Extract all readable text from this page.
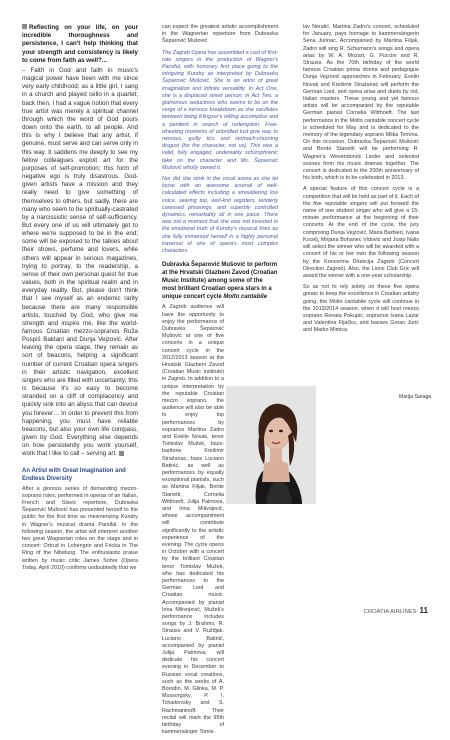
Reflecting on your life, on your incredible thoroughness and persistence, I can't help thinking that your strength and consistency is likely to come from faith as well?...

– Faith in God and faith in music's magical power have been with me since very early childhood; as a little girl, I sang in a church and played cello in a quartet; back then, I had a vague notion that every true artist was merely a spiritual channel through which the word of God pours down onto the earth, to all people. And this is why I believe that any artist, if genuine, must serve and can serve only in this way. It saddens me deeply to see my fellow colleagues exploit art for the purposes of self-promotion; this form of negative ego is truly disastrous. God-given artists have a mission and they really need to give something of themselves to others, but sadly, there are many who seem to be spiritually-castrated by a narcissistic sense of self-sufficiency. But every one of us will ultimately get to where we're supposed to be in the end; some will be exposed to the talkies about their shows, perfume and lovers, while others will appear in serious magazines, trying to portray, to the readership, a sense of their own personal quest for true values, both in the spiritual realm and in everyday reality. But, please don't think that I see myself as an endemic rarity because there are many responsible artists, touched by God, who give me strength and inspire me, like the world-famous Croatian mezzo-sopranos Ruža Pospiš Baldani and Dunja Vejzović. After leaving the opera stage, they remain as sort of beacons, helping a significant number of current Croatian opera singers in their artistic navigation, excellent singers who are filled with uncertainty; this is because it's so easy to become stranded on a cliff of complacency and quickly sink into an abyss that can devour you forever… In order to prevent this from happening, you must have reliable beacons, but also your own life compass, given by God. Everything else depends on how persistently you work yourself, work that I like to call – serving art.

An Artist with Great Imagination and Endless Diversity

After a glorious series of demanding mezzo-soprano roles, performed in operas of an Italian, French and Slavic repertoire, Dubravka Šeparović Mušović has presented herself to the public for the first time as mesmerizing Kundry in Wagner's musical drama Parsifal. In the following season, the artist will interpret another two great Wagnerian roles on the stage and in concert: Ortrud in Lohengrin and Fricka in The Ring of the Nibelung. The enthusiastic praise written by music critic James Sohre (Opera Today, April 2010) confirms undoubtedly that we

can expect the greatest artistic accomplishment in the Wagnerian repertoire from Dubravka Šeparović Mušović.

The Zagreb Opera has assembled a cast of first-rate singers in the production of Wagner's Parsifal, with honorary first place going to the intriguing Kundry as interpreted by Dubravka Šeparović Mušović. She is an artist of great imagination and infinite versatility. In Act One, she is a displaced street person; in Act Two, a glamorous seductress who seems to be on the verge of a nervous breakdown as she vacillates between being Klingsor's willing accomplice and a penitent in search of redemption. Free-wheeling moments of unbridled lust give way to nervous, guilty tics and stomach-churning disgust (for the character, not us). This was a valid, fully engaged, undeniably schizophrenic take on the character and Ms. Šeparović Mušović wholly owned it.

Nor did she stink in the vocal arena as she let loose with an awesome arsenal of well-calculated effects including a smouldering low voice, searing top, well-knit registers, tenderly caressed phrasings, and superbly controlled dynamics, remarkably all in one piece. There was not a moment that she was not invested in the emotional truth of Kundry's musical lines as she fully immersed herself in a highly personal traversal of one of opera's most complex characters.

Dubravka Šeparović Mušović to perform at the Hrvatski Glazbeni Zavod (Croatian Music Institute) among some of the most brilliant Croatian opera stars in a unique concert cycle Molto cantabile

A Zagreb audience will have the opportunity to enjoy the performance of Dubravka Šeparović Mušović at one of five concerts in a unique concert cycle in the 2012/2013 season at the Hrvatski Glazbeni Zavod (Croatian Music Institute) in Zagreb. In addition to a unique interpretation by the reputable Croatian mezzo soprano, the audience will also be able to enjoy top performances by sopranos Martina Zadro and Evelin Novak, tenor Tomislav Mužek, bass-baritone Krešimir Stražanac, bass Luciano Batinić, as well as performances by equally exceptional pianists, such as Martina Filjak, Borde Stanetti, Cornelia Witthoeft, Julija Palmova, and Irina Milivojević, whose accompaniment will contribute significantly to the artistic experience of the evening. The cycle opens in October with a concert by the brilliant Croatian tenor Tomislav Mužek, who has dedicated his performances to the German Lied and Croatian music. Accompanied by pianist Irina Milivojević, Mužek's performance includes songs by J. Brahms, R. Strauss and V. Ružđjak. Luciano Batinić, accompanied by pianist Julija Palmova, will dedicate his concert evening in December to Russian vocal creations, such as the works of A. Borodin, M. Glinka, M. P. Mussorgsky, P. I. Tchaikovsky and S. Rachmaninoff. Their recital will mark the 95th birthday of kammersänger Tomis-

lav Neralić. Martina Zadro's concert, scheduled for January, pays homage to kammersängerin Sena Jurinac. Accompanied by Martina Filjak, Zadro will sing R. Schumann's songs and opera arias by W. A. Mozart, G. Puccini and R. Strauss. As the 70th birthday of the world famous Croatian prima donna and pedagogue Dunja Vejzović approaches in February, Evelin Novak and Krešimir Stražanac will perform the German Lied, and opera arias and duets by old, Italian masters. These young and yet famous artists will be accompanied by the reputable German pianist Cornelia Witthoeft. The last performance in the Molto cantabile concert cycle is scheduled for May and is dedicated to the memory of the legendary soprano Milka Ternina. On this occasion, Dubravka Šeparović Mušović and Borde Stanetti will be performing R. Wagner's Wesendonck Lieder and selected scenes from his music dramas together. The concert is dedicated to the 200th anniversary of his birth, which is to be celebrated in 2013.

A special feature of this concert cycle is a competition that will be held as part of it. Each of the five reputable singers will put forward the name of one student singer who will give a 15-minute performance at the beginning of their concerts. At the end of the cycle, the jury comprising Dunja Vejzović, Maria Barbieri, Ivana Kocelj, Mirjana Bohanec Vidović and Josip Nalis will select the winner who will be awarded with a concert of his or her own the following season by the Koncertna Direkcija Zagreb (Concert Direction Zagreb). Also, the Lions Club Gric will award the winner with a one-year scholarship.

So as not to rely solely on these five opera greats to keep the excellence in Croatian artistry going, the Molto cantabile cycle will continue in the 2013/2014 season, when it will host mezzo soprano Renata Pokupić, sopranos Ivana Lazar and Valentina Fijačko, and basses Goran Jurić and Marko Mimica.

Marija Saraga
CROATIA AIRLINES 11
